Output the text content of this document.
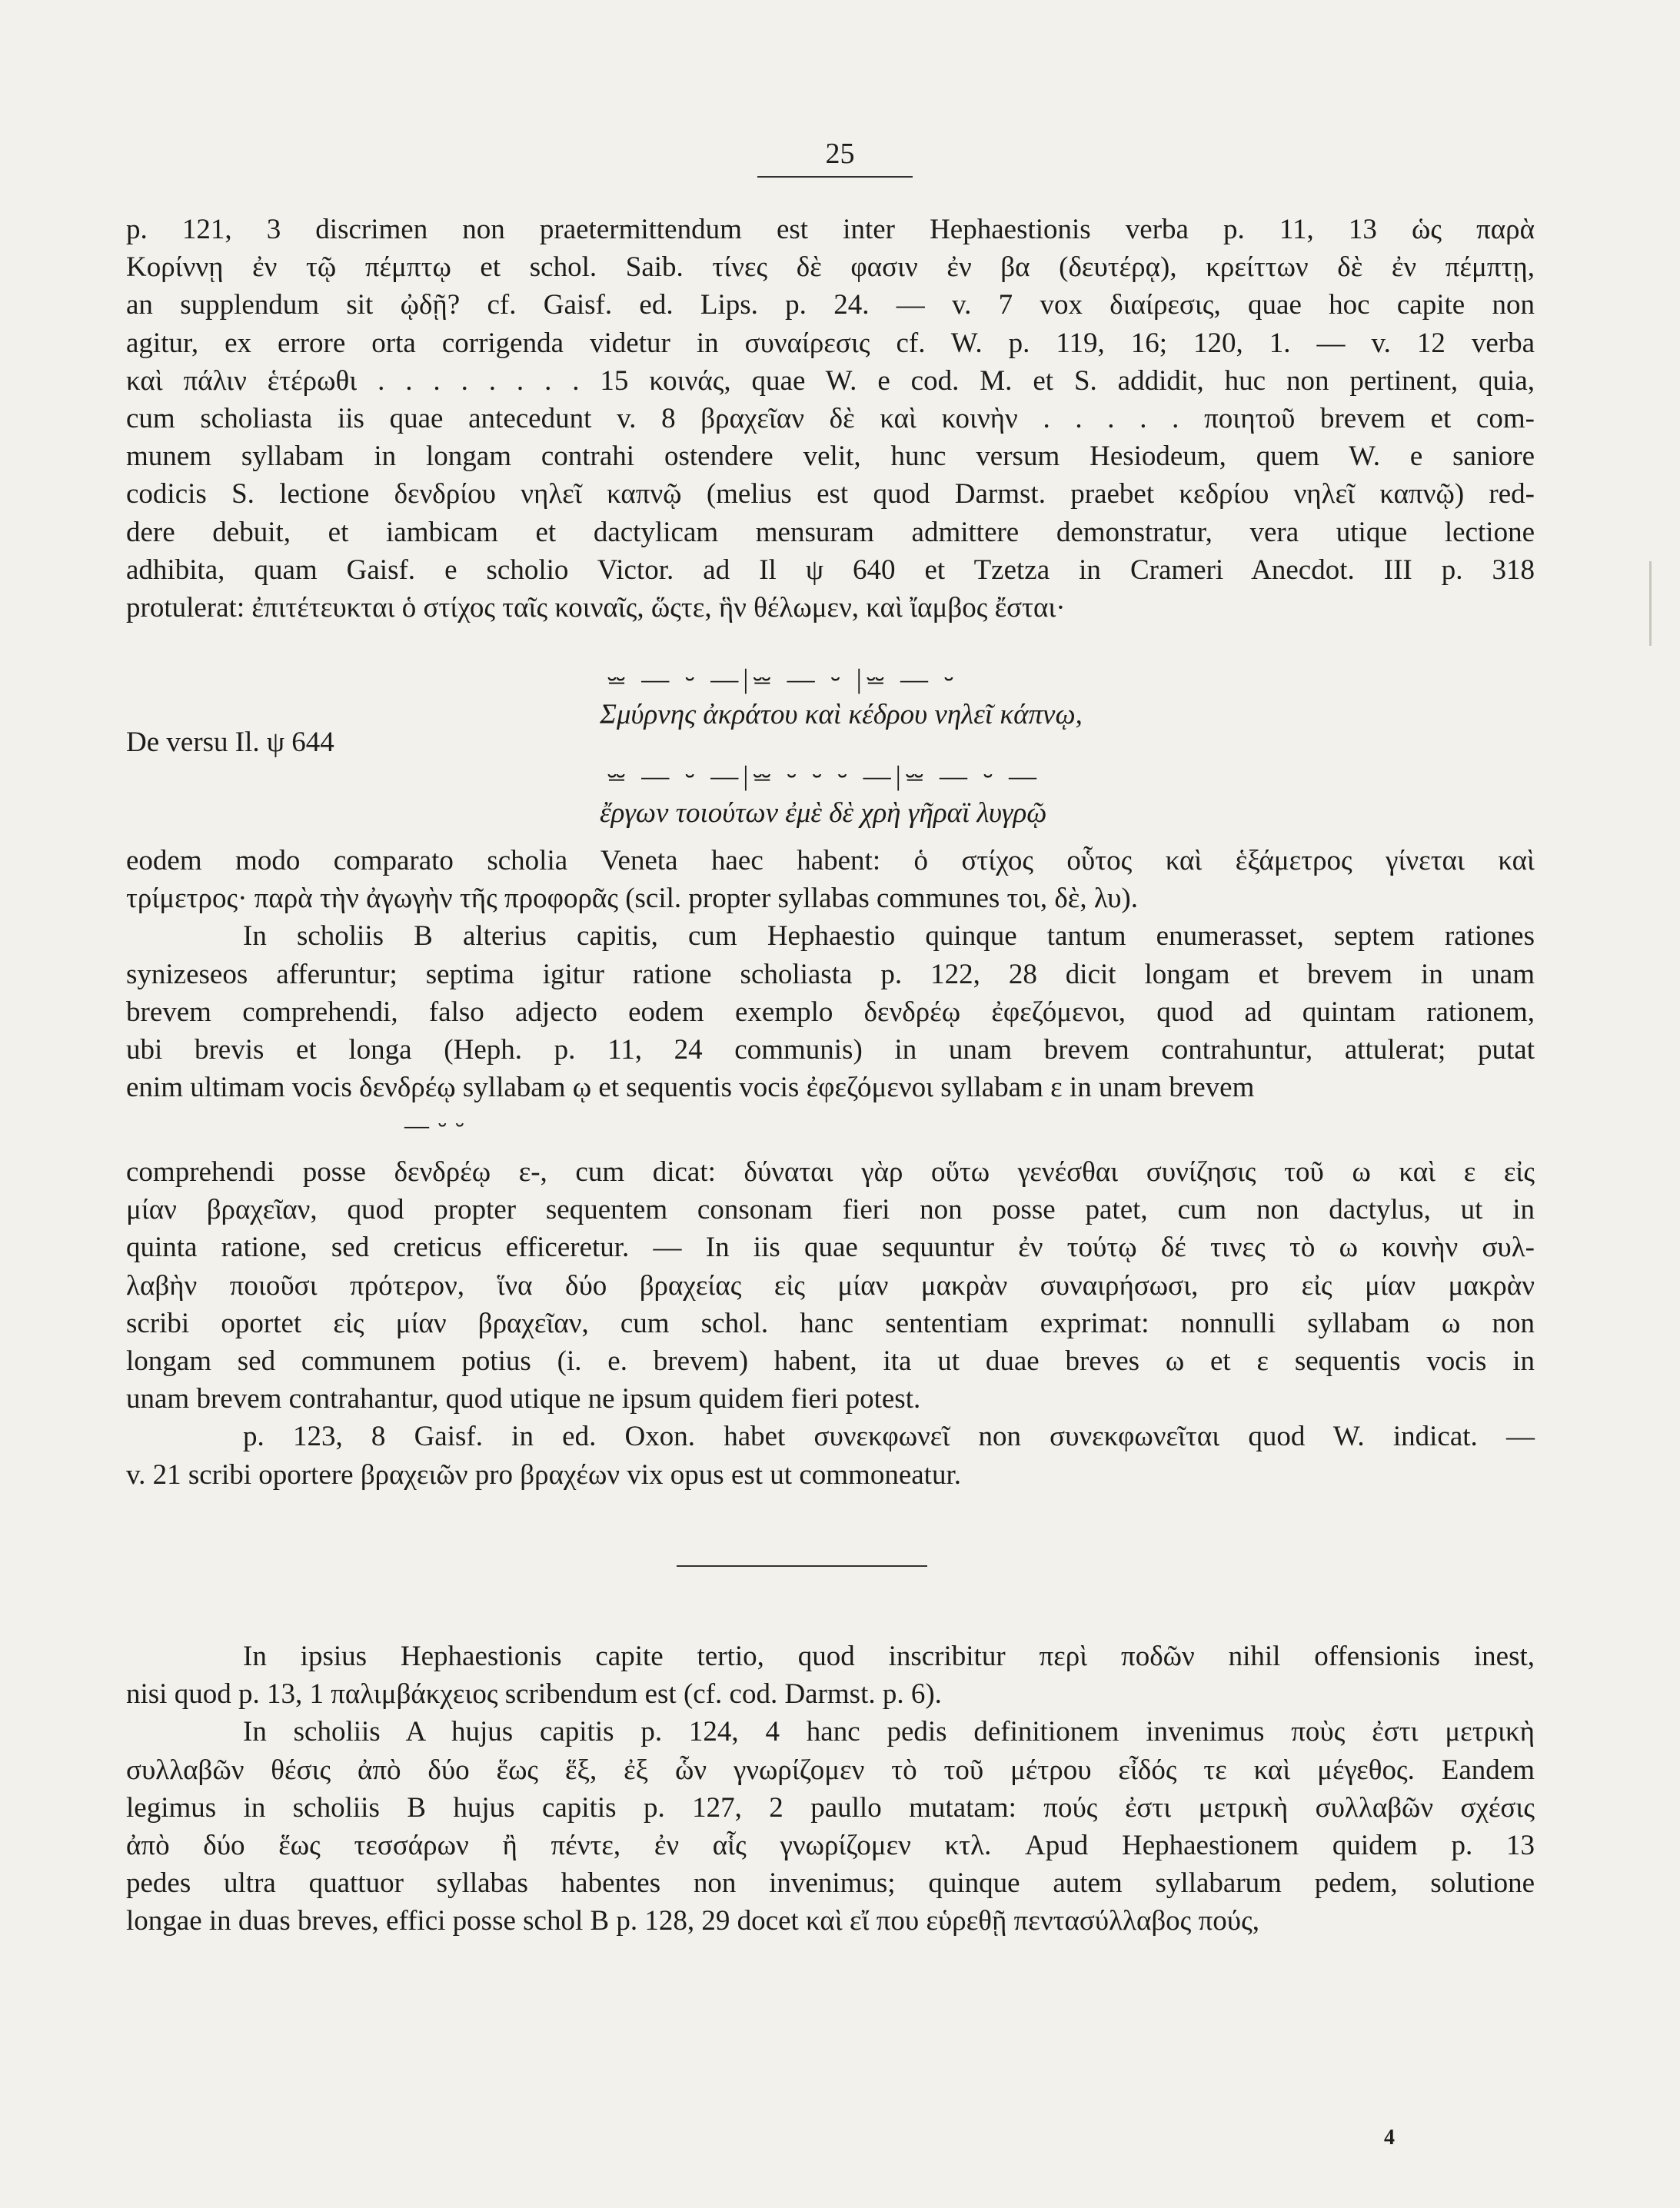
25
p. 121, 3 discrimen non praetermittendum est inter Hephaestionis verba p. 11, 13 ὡς παρὰ
Κορίννῃ ἐν τῷ πέμπτῳ et schol. Saib. τίνες δὲ φασιν ἐν βα (δευτέρᾳ), κρείττων δὲ ἐν πέμπτῃ,
an supplendum sit ᾠδῇ? cf. Gaisf. ed. Lips. p. 24. — v. 7 vox διαίρεσις, quae hoc capite non
agitur, ex errore orta corrigenda videtur in συναίρεσις cf. W. p. 119, 16; 120, 1. — v. 12 verba
καὶ πάλιν ἑτέρωθι . . . . . . . . 15 κοινάς, quae W. e cod. M. et S. addidit, huc non pertinent, quia,
cum scholiasta iis quae antecedunt v. 8 βραχεῖαν δὲ καὶ κοινὴν . . . . . ποιητοῦ brevem et com-
munem syllabam in longam contrahi ostendere velit, hunc versum Hesiodeum, quem W. e saniore
codicis S. lectione δενδρίου νηλεῖ καπνῷ (melius est quod Darmst. praebet κεδρίου νηλεῖ καπνῷ) red-
dere debuit, et iambicam et dactylicam mensuram admittere demonstratur, vera utique lectione
adhibita, quam Gaisf. e scholio Victor. ad Il ψ 640 et Tzetza in Crameri Anecdot. III p. 318
protulerat: ἐπιτέτευκται ὁ στίχος ταῖς κοιναῖς, ὥςτε, ἣν θέλωμεν, καὶ ἴαμβος ἔσται·
⏕ — ⏑ —|⏕ — ⏑ |⏕ — ⏑
Σμύρνης ἀκράτου καὶ κέδρου νηλεῖ κάπνῳ,
De versu Il. ψ 644
⏕ — ⏑ —|⏕ ⏑ ⏑ ⏑ —|⏕ — ⏑ —
ἔργων τοιούτων ἐμὲ δὲ χρὴ γῆραϊ λυγρῷ
eodem modo comparato scholia Veneta haec habent: ὁ στίχος οὗτος καὶ ἑξάμετρος γίνεται καὶ
τρίμετρος· παρὰ τὴν ἀγωγὴν τῆς προφορᾶς (scil. propter syllabas communes τοι, δὲ, λυ).
In scholiis B alterius capitis, cum Hephaestio quinque tantum enumerasset, septem rationes
synizeseos afferuntur; septima igitur ratione scholiasta p. 122, 28 dicit longam et brevem in unam
brevem comprehendi, falso adjecto eodem exemplo δενδρέῳ ἐφεζόμενοι, quod ad quintam rationem,
ubi brevis et longa (Heph. p. 11, 24 communis) in unam brevem contrahuntur, attulerat; putat
enim ultimam vocis δενδρέῳ syllabam ῳ et sequentis vocis ἐφεζόμενοι syllabam ε in unam brevem
— ⏑ ⏑
comprehendi posse δενδρέῳ ε-, cum dicat: δύναται γὰρ οὕτω γενέσθαι συνίζησις τοῦ ω καὶ ε εἰς
μίαν βραχεῖαν, quod propter sequentem consonam fieri non posse patet, cum non dactylus, ut in
quinta ratione, sed creticus efficeretur. — In iis quae sequuntur ἐν τούτῳ δέ τινες τὸ ω κοινὴν συλ-
λαβὴν ποιοῦσι πρότερον, ἵνα δύο βραχείας εἰς μίαν μακρὰν συναιρήσωσι, pro εἰς μίαν μακρὰν
scribi oportet εἰς μίαν βραχεῖαν, cum schol. hanc sententiam exprimat: nonnulli syllabam ω non
longam sed communem potius (i. e. brevem) habent, ita ut duae breves ω et ε sequentis vocis in
unam brevem contrahantur, quod utique ne ipsum quidem fieri potest.
p. 123, 8 Gaisf. in ed. Oxon. habet συνεκφωνεῖ non συνεκφωνεῖται quod W. indicat. —
v. 21 scribi oportere βραχειῶν pro βραχέων vix opus est ut commoneatur.
In ipsius Hephaestionis capite tertio, quod inscribitur περὶ ποδῶν nihil offensionis inest,
nisi quod p. 13, 1 παλιμβάκχειος scribendum est (cf. cod. Darmst. p. 6).
In scholiis A hujus capitis p. 124, 4 hanc pedis definitionem invenimus ποὺς ἐστι μετρικὴ
συλλαβῶν θέσις ἀπὸ δύο ἕως ἕξ, ἐξ ὧν γνωρίζομεν τὸ τοῦ μέτρου εἶδός τε καὶ μέγεθος. Eandem
legimus in scholiis B hujus capitis p. 127, 2 paullo mutatam: πούς ἐστι μετρικὴ συλλαβῶν σχέσις
ἀπὸ δύο ἕως τεσσάρων ἢ πέντε, ἐν αἷς γνωρίζομεν κτλ. Apud Hephaestionem quidem p. 13
pedes ultra quattuor syllabas habentes non invenimus; quinque autem syllabarum pedem, solutione
longae in duas breves, effici posse schol B p. 128, 29 docet καὶ εἴ που εὑρεθῇ πεντασύλλαβος πούς,
4
